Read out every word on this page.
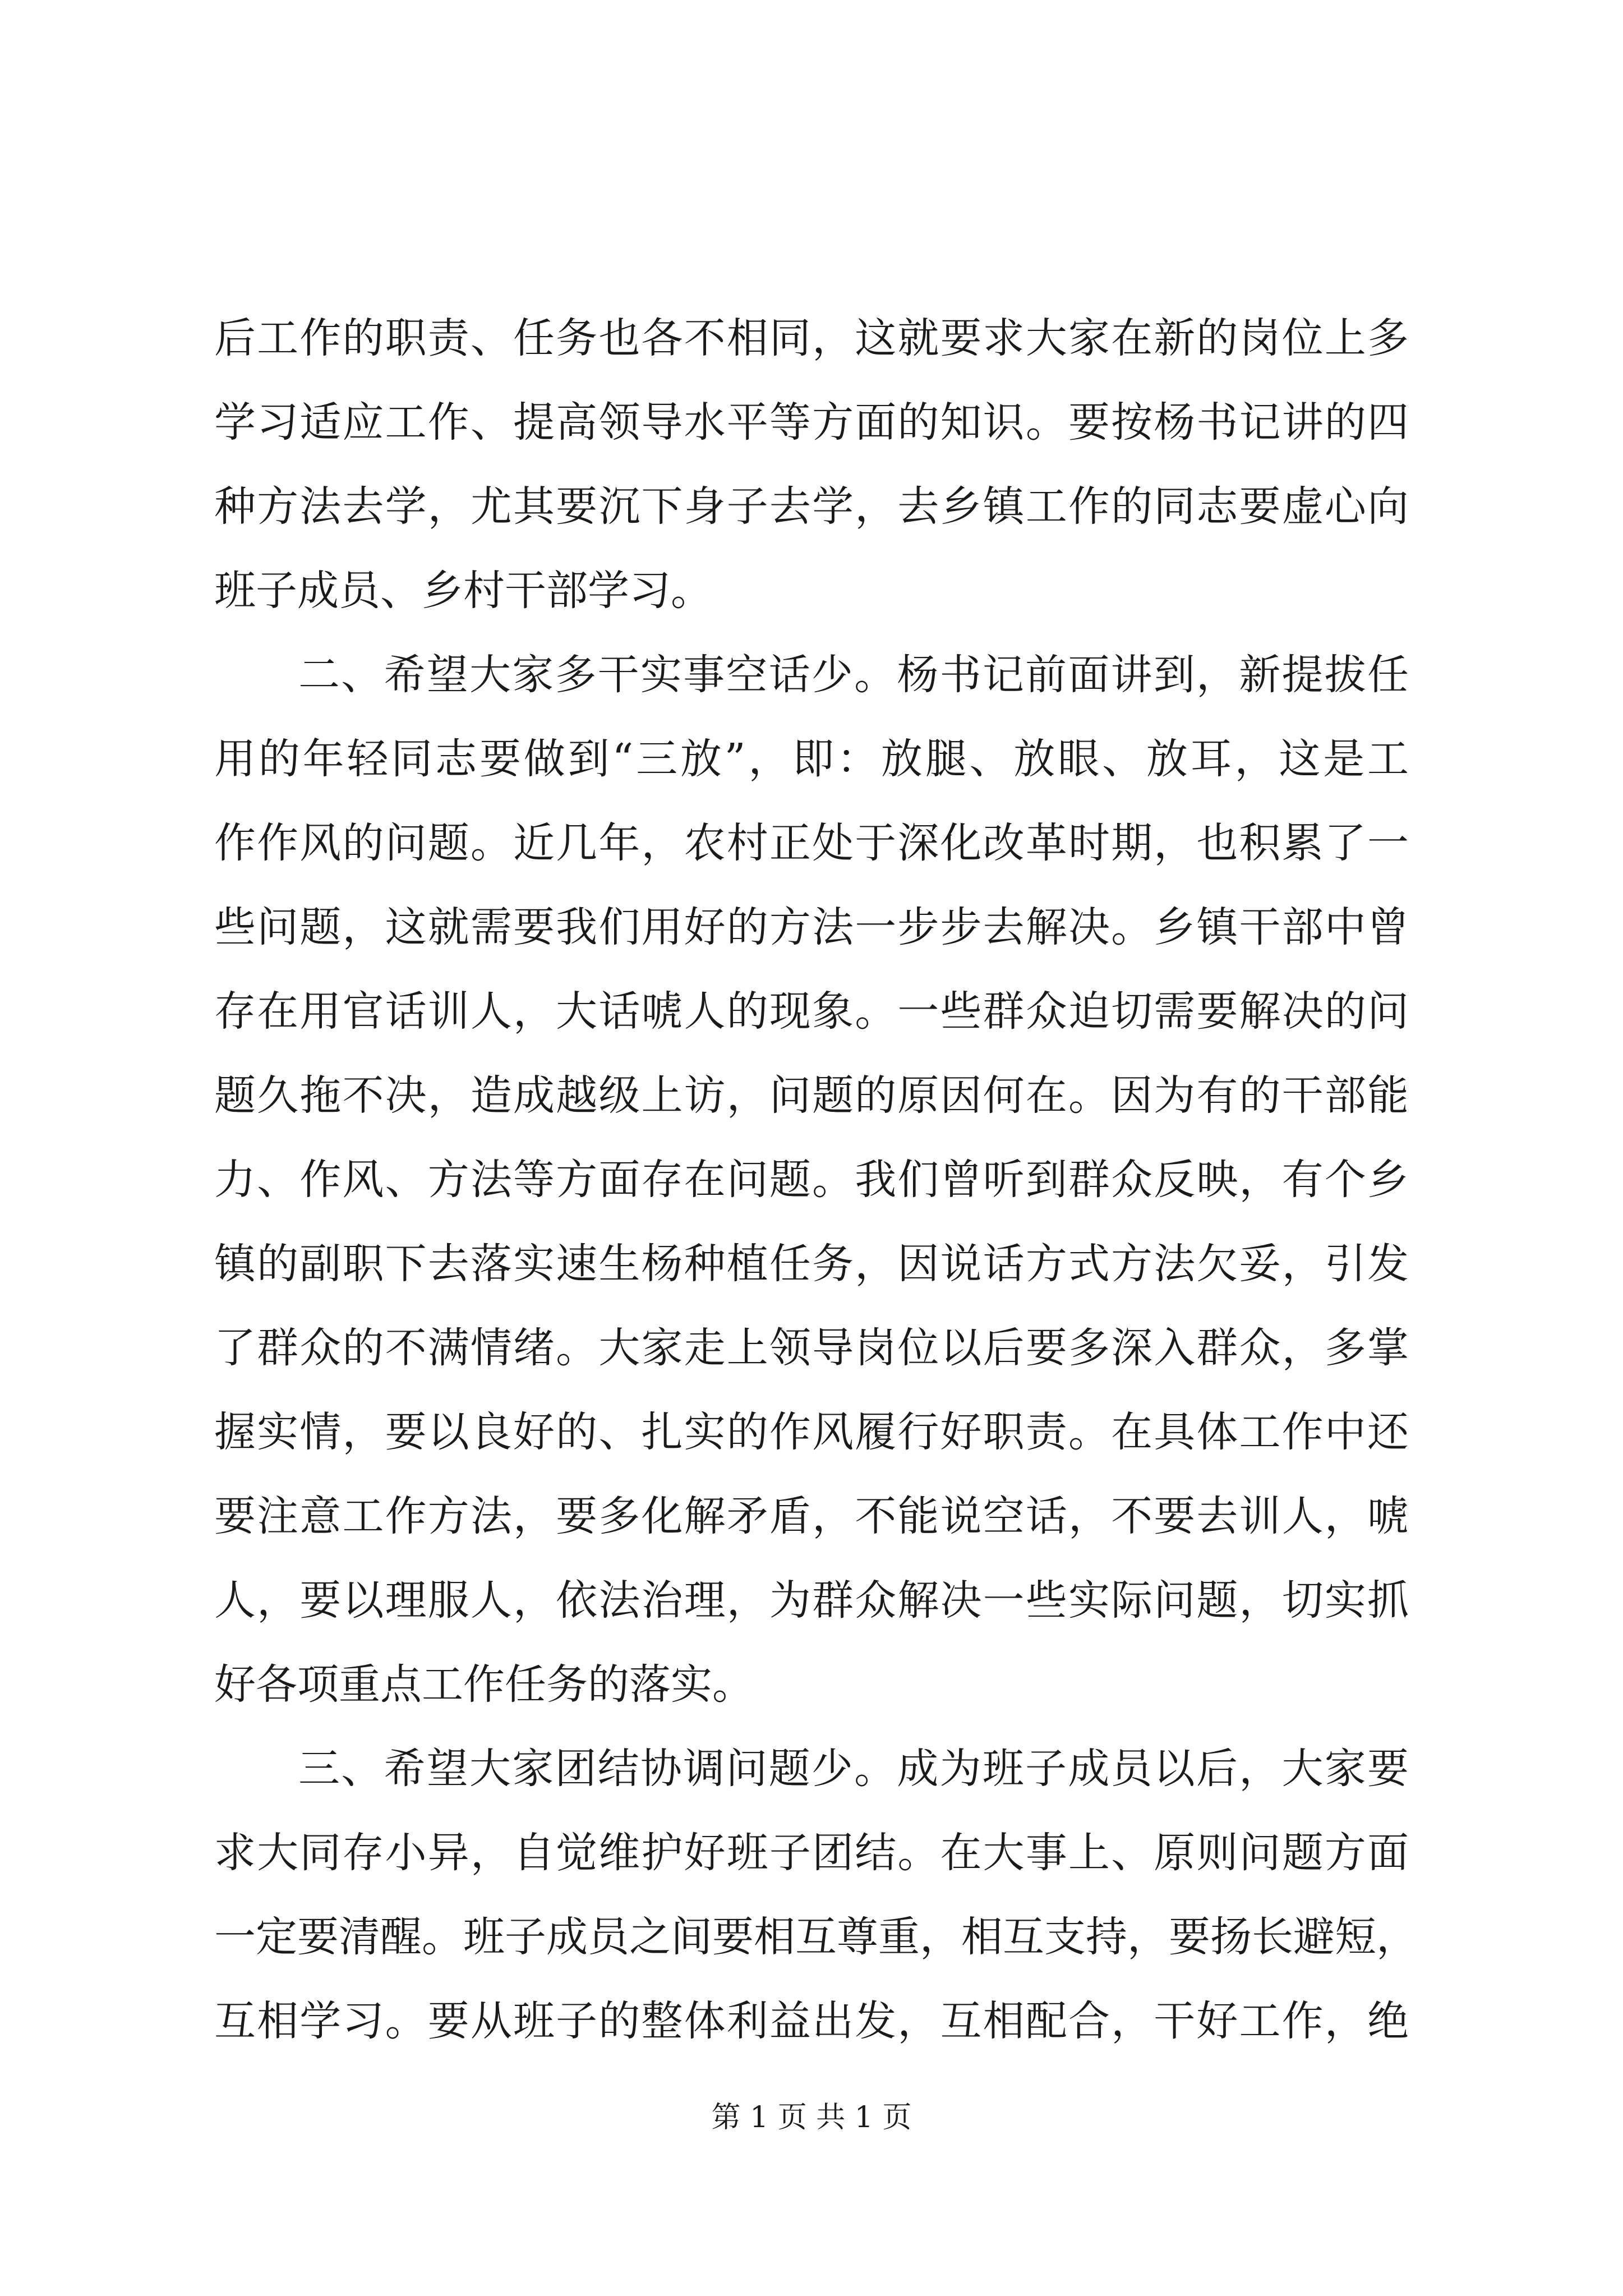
后工作的职责、任务也各不相同，这就要求大家在新的岗位上多
学习适应工作、提高领导水平等方面的知识。要按杨书记讲的四
种方法去学，尤其要沉下身子去学，去乡镇工作的同志要虚心向
班子成员、乡村干部学习。
二、希望大家多干实事空话少。杨书记前面讲到，新提拔任
用的年轻同志要做到“三放”，即：放腿、放眼、放耳，这是工
作作风的问题。近几年，农村正处于深化改革时期，也积累了一
些问题，这就需要我们用好的方法一步步去解决。乡镇干部中曾
存在用官话训人，大话唬人的现象。一些群众迫切需要解决的问
题久拖不决，造成越级上访，问题的原因何在。因为有的干部能
力、作风、方法等方面存在问题。我们曾听到群众反映，有个乡
镇的副职下去落实速生杨种植任务，因说话方式方法欠妥，引发
了群众的不满情绪。大家走上领导岗位以后要多深入群众，多掌
握实情，要以良好的、扎实的作风履行好职责。在具体工作中还
要注意工作方法，要多化解矛盾，不能说空话，不要去训人，唬
人，要以理服人，依法治理，为群众解决一些实际问题，切实抓
好各项重点工作任务的落实。
三、希望大家团结协调问题少。成为班子成员以后，大家要
求大同存小异，自觉维护好班子团结。在大事上、原则问题方面
一定要清醒。班子成员之间要相互尊重，相互支持，要扬长避短，
互相学习。要从班子的整体利益出发，互相配合，干好工作，绝
第 1 页 共 1 页
